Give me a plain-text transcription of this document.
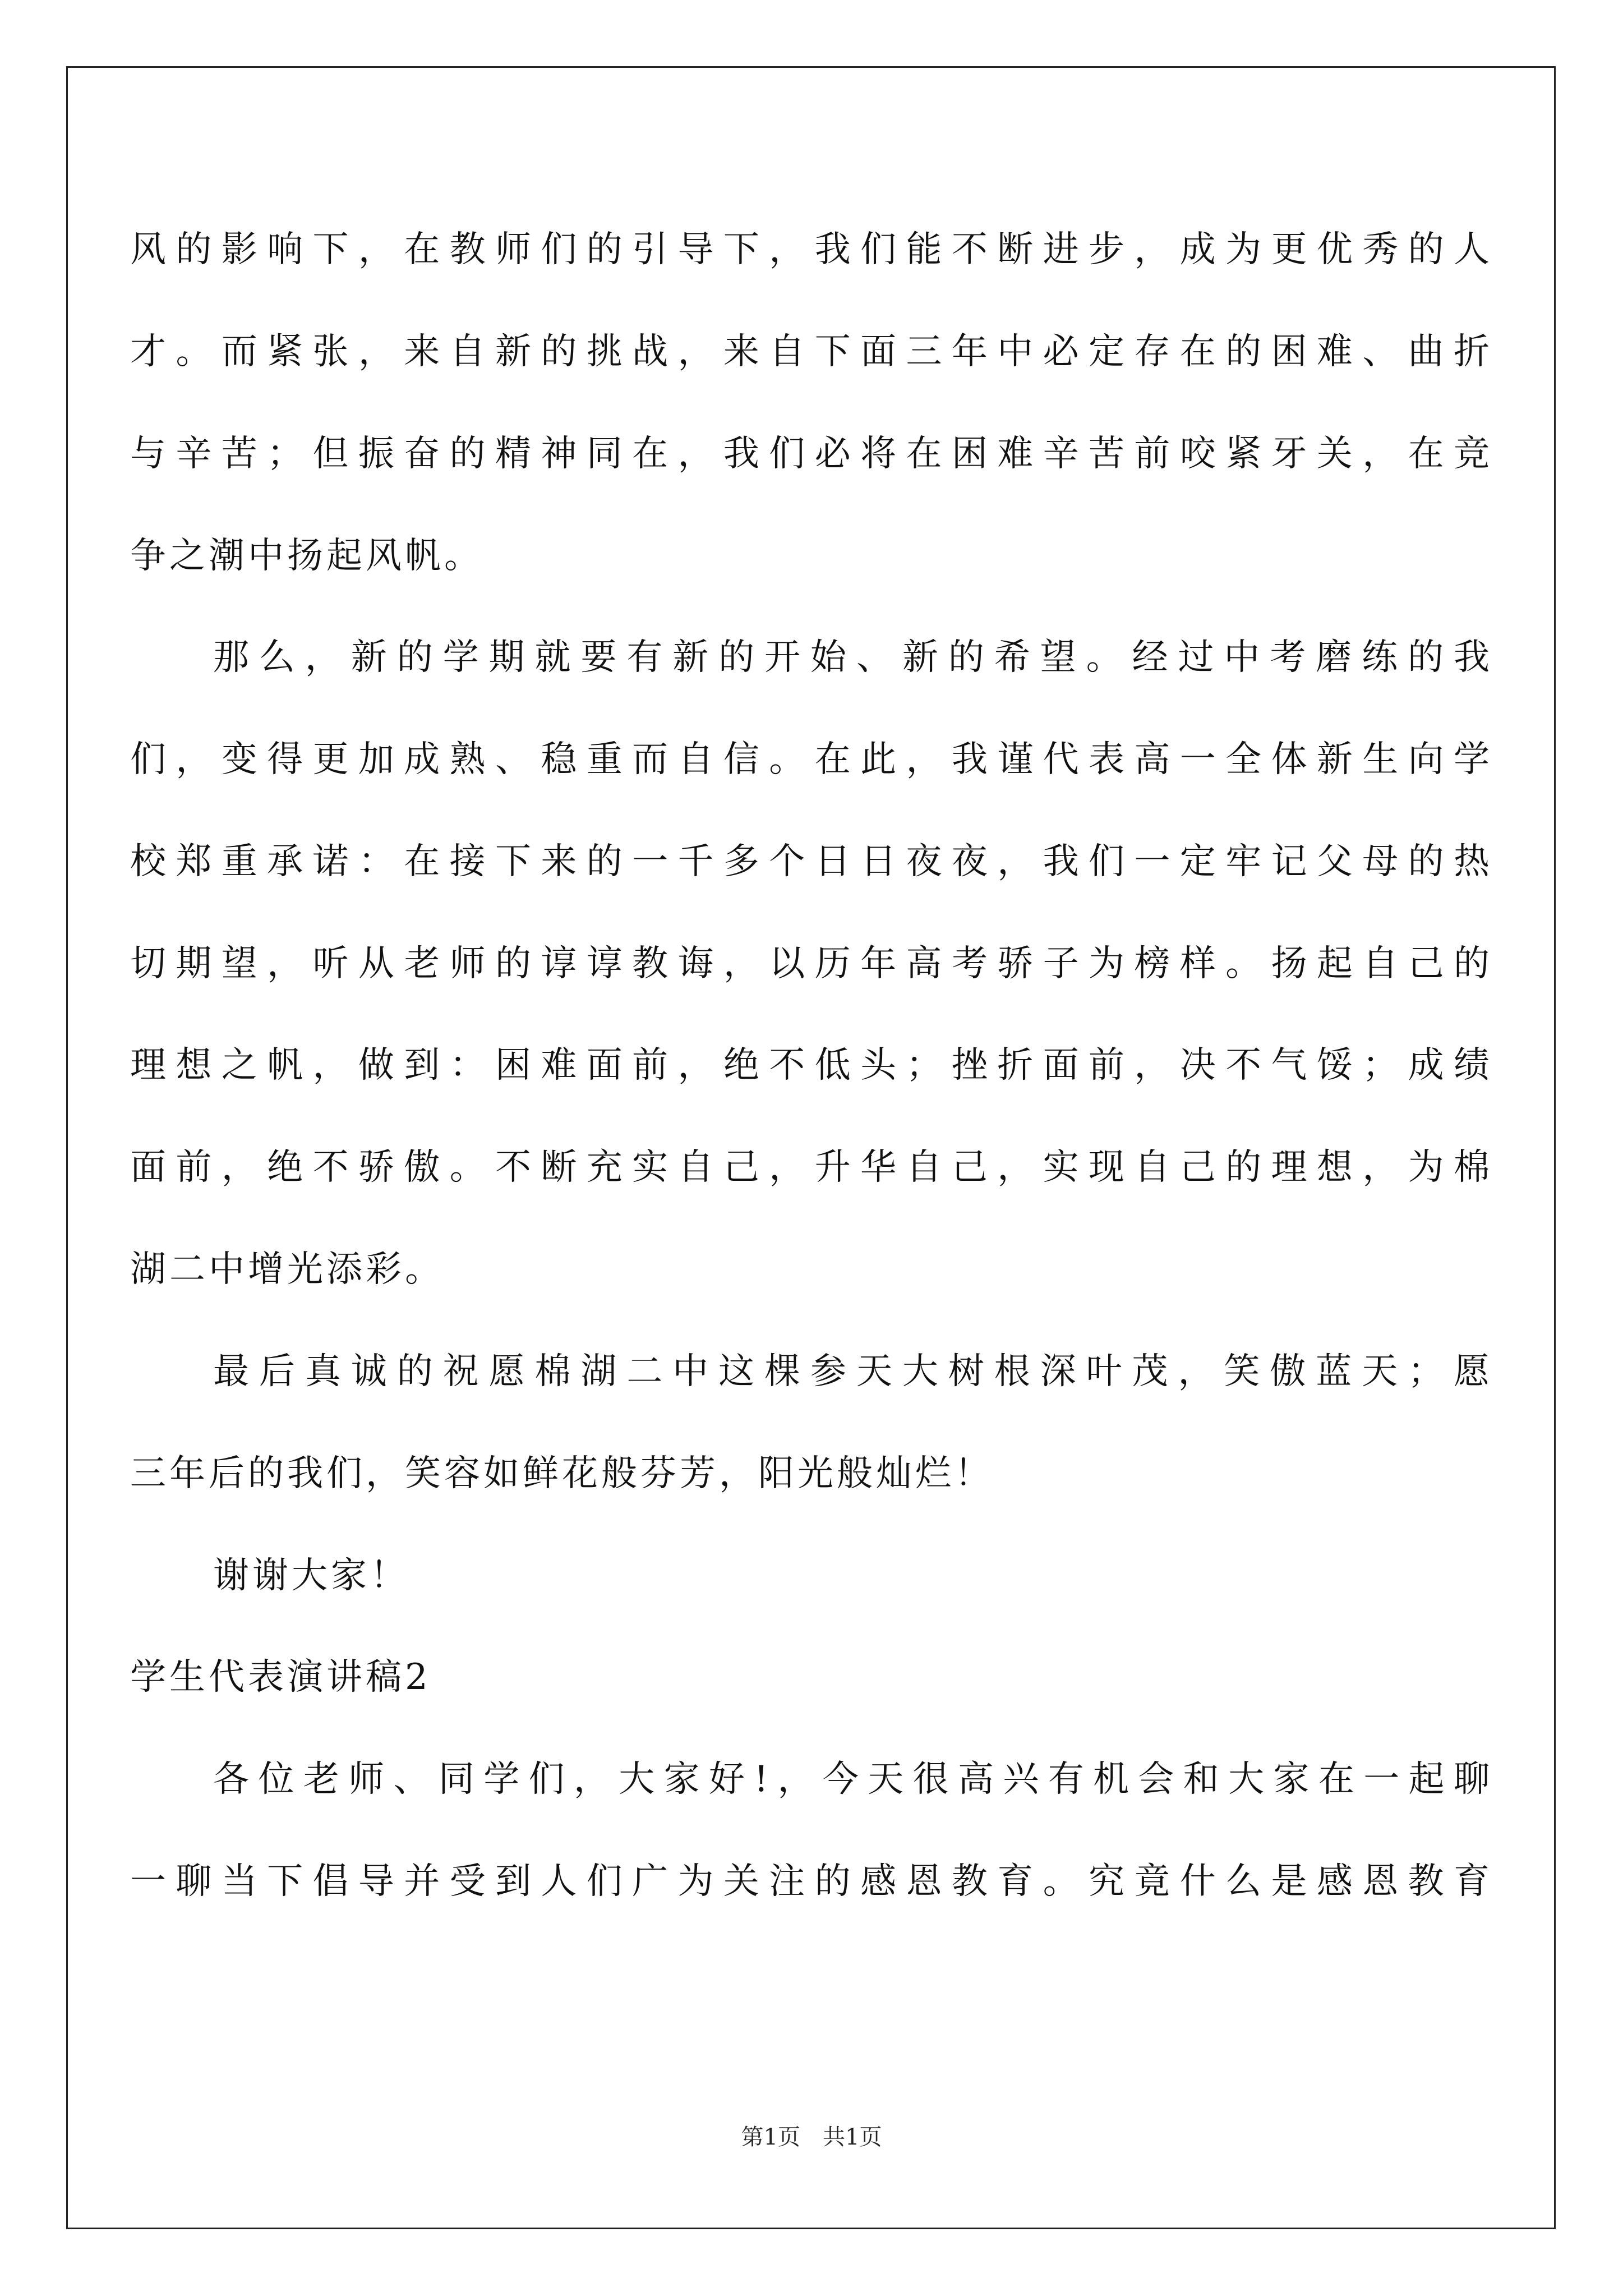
风的影响下，在教师们的引导下，我们能不断进步，成为更优秀的人
才。而紧张，来自新的挑战，来自下面三年中必定存在的困难、曲折
与辛苦；但振奋的精神同在，我们必将在困难辛苦前咬紧牙关，在竞
争之潮中扬起风帆。
那么，新的学期就要有新的开始、新的希望。经过中考磨练的我
们，变得更加成熟、稳重而自信。在此，我谨代表高一全体新生向学
校郑重承诺：在接下来的一千多个日日夜夜，我们一定牢记父母的热
切期望，听从老师的谆谆教诲，以历年高考骄子为榜样。扬起自己的
理想之帆，做到：困难面前，绝不低头；挫折面前，决不气馁；成绩
面前，绝不骄傲。不断充实自己，升华自己，实现自己的理想，为棉
湖二中增光添彩。
最后真诚的祝愿棉湖二中这棵参天大树根深叶茂，笑傲蓝天；愿
三年后的我们，笑容如鲜花般芬芳，阳光般灿烂！
谢谢大家！
学生代表演讲稿2
各位老师、同学们，大家好!，今天很高兴有机会和大家在一起聊
一聊当下倡导并受到人们广为关注的感恩教育。究竟什么是感恩教育
第1页　共1页
